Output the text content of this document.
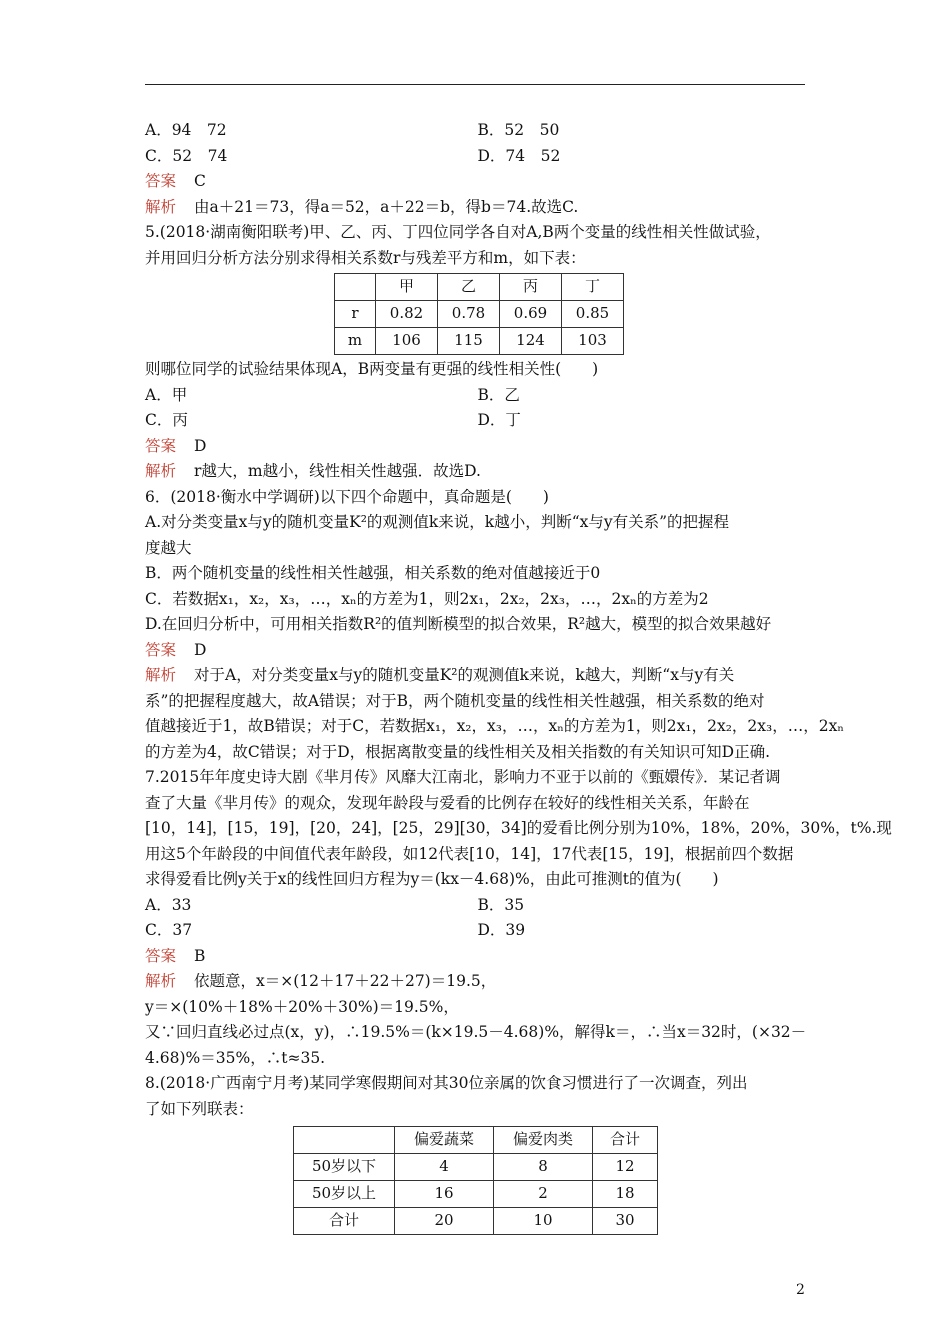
A．94　72	B．52　50
C．52　74	D．74　52
答案 C
解析 由a＋21＝73，得a＝52，a＋22＝b，得b＝74.故选C.
5.(2018·湖南衡阳联考)甲、乙、丙、丁四位同学各自对A,B两个变量的线性相关性做试验，
并用回归分析方法分别求得相关系数r与残差平方和m，如下表：
	甲	乙	丙	丁
r	0.82	0.78	0.69	0.85
m	106	115	124	103
则哪位同学的试验结果体现A，B两变量有更强的线性相关性(　　)
A．甲	B．乙
C．丙	D．丁
答案 D
解析 r越大，m越小，线性相关性越强．故选D.
6．(2018·衡水中学调研)以下四个命题中，真命题是(　　)
A.对分类变量x与y的随机变量K²的观测值k来说，k越小，判断“x与y有关系”的把握程
度越大
B．两个随机变量的线性相关性越强，相关系数的绝对值越接近于0
C．若数据x₁，x₂，x₃，…，xₙ的方差为1，则2x₁，2x₂，2x₃，…，2xₙ的方差为2
D.在回归分析中，可用相关指数R²的值判断模型的拟合效果，R²越大，模型的拟合效果越好
答案 D
解析 对于A，对分类变量x与y的随机变量K²的观测值k来说，k越大，判断“x与y有关
系”的把握程度越大，故A错误；对于B，两个随机变量的线性相关性越强，相关系数的绝对
值越接近于1，故B错误；对于C，若数据x₁，x₂，x₃，…，xₙ的方差为1，则2x₁，2x₂，2x₃，…，2xₙ
的方差为4，故C错误；对于D，根据离散变量的线性相关及相关指数的有关知识可知D正确.
7.2015年年度史诗大剧《芈月传》风靡大江南北，影响力不亚于以前的《甄嬛传》．某记者调
查了大量《芈月传》的观众，发现年龄段与爱看的比例存在较好的线性相关关系，年龄在
[10，14]，[15，19]，[20，24]，[25，29][30，34]的爱看比例分别为10%，18%，20%，30%，t%.现
用这5个年龄段的中间值代表年龄段，如12代表[10，14]，17代表[15，19]，根据前四个数据
求得爱看比例y关于x的线性回归方程为y＝(kx－4.68)%，由此可推测t的值为(　　)
A．33	B．35
C．37	D．39
答案 B
解析 依题意，x＝×(12＋17＋22＋27)＝19.5，
y＝×(10%＋18%＋20%＋30%)＝19.5%，
又∵回归直线必过点(x，y)，∴19.5%＝(k×19.5－4.68)%，解得k＝，∴当x＝32时，(×32－
4.68)%＝35%，∴t≈35.
8.(2018·广西南宁月考)某同学寒假期间对其30位亲属的饮食习惯进行了一次调查，列出
了如下列联表：
	偏爱蔬菜	偏爱肉类	合计
50岁以下	4	8	12
50岁以上	16	2	18
合计	20	10	30
2
